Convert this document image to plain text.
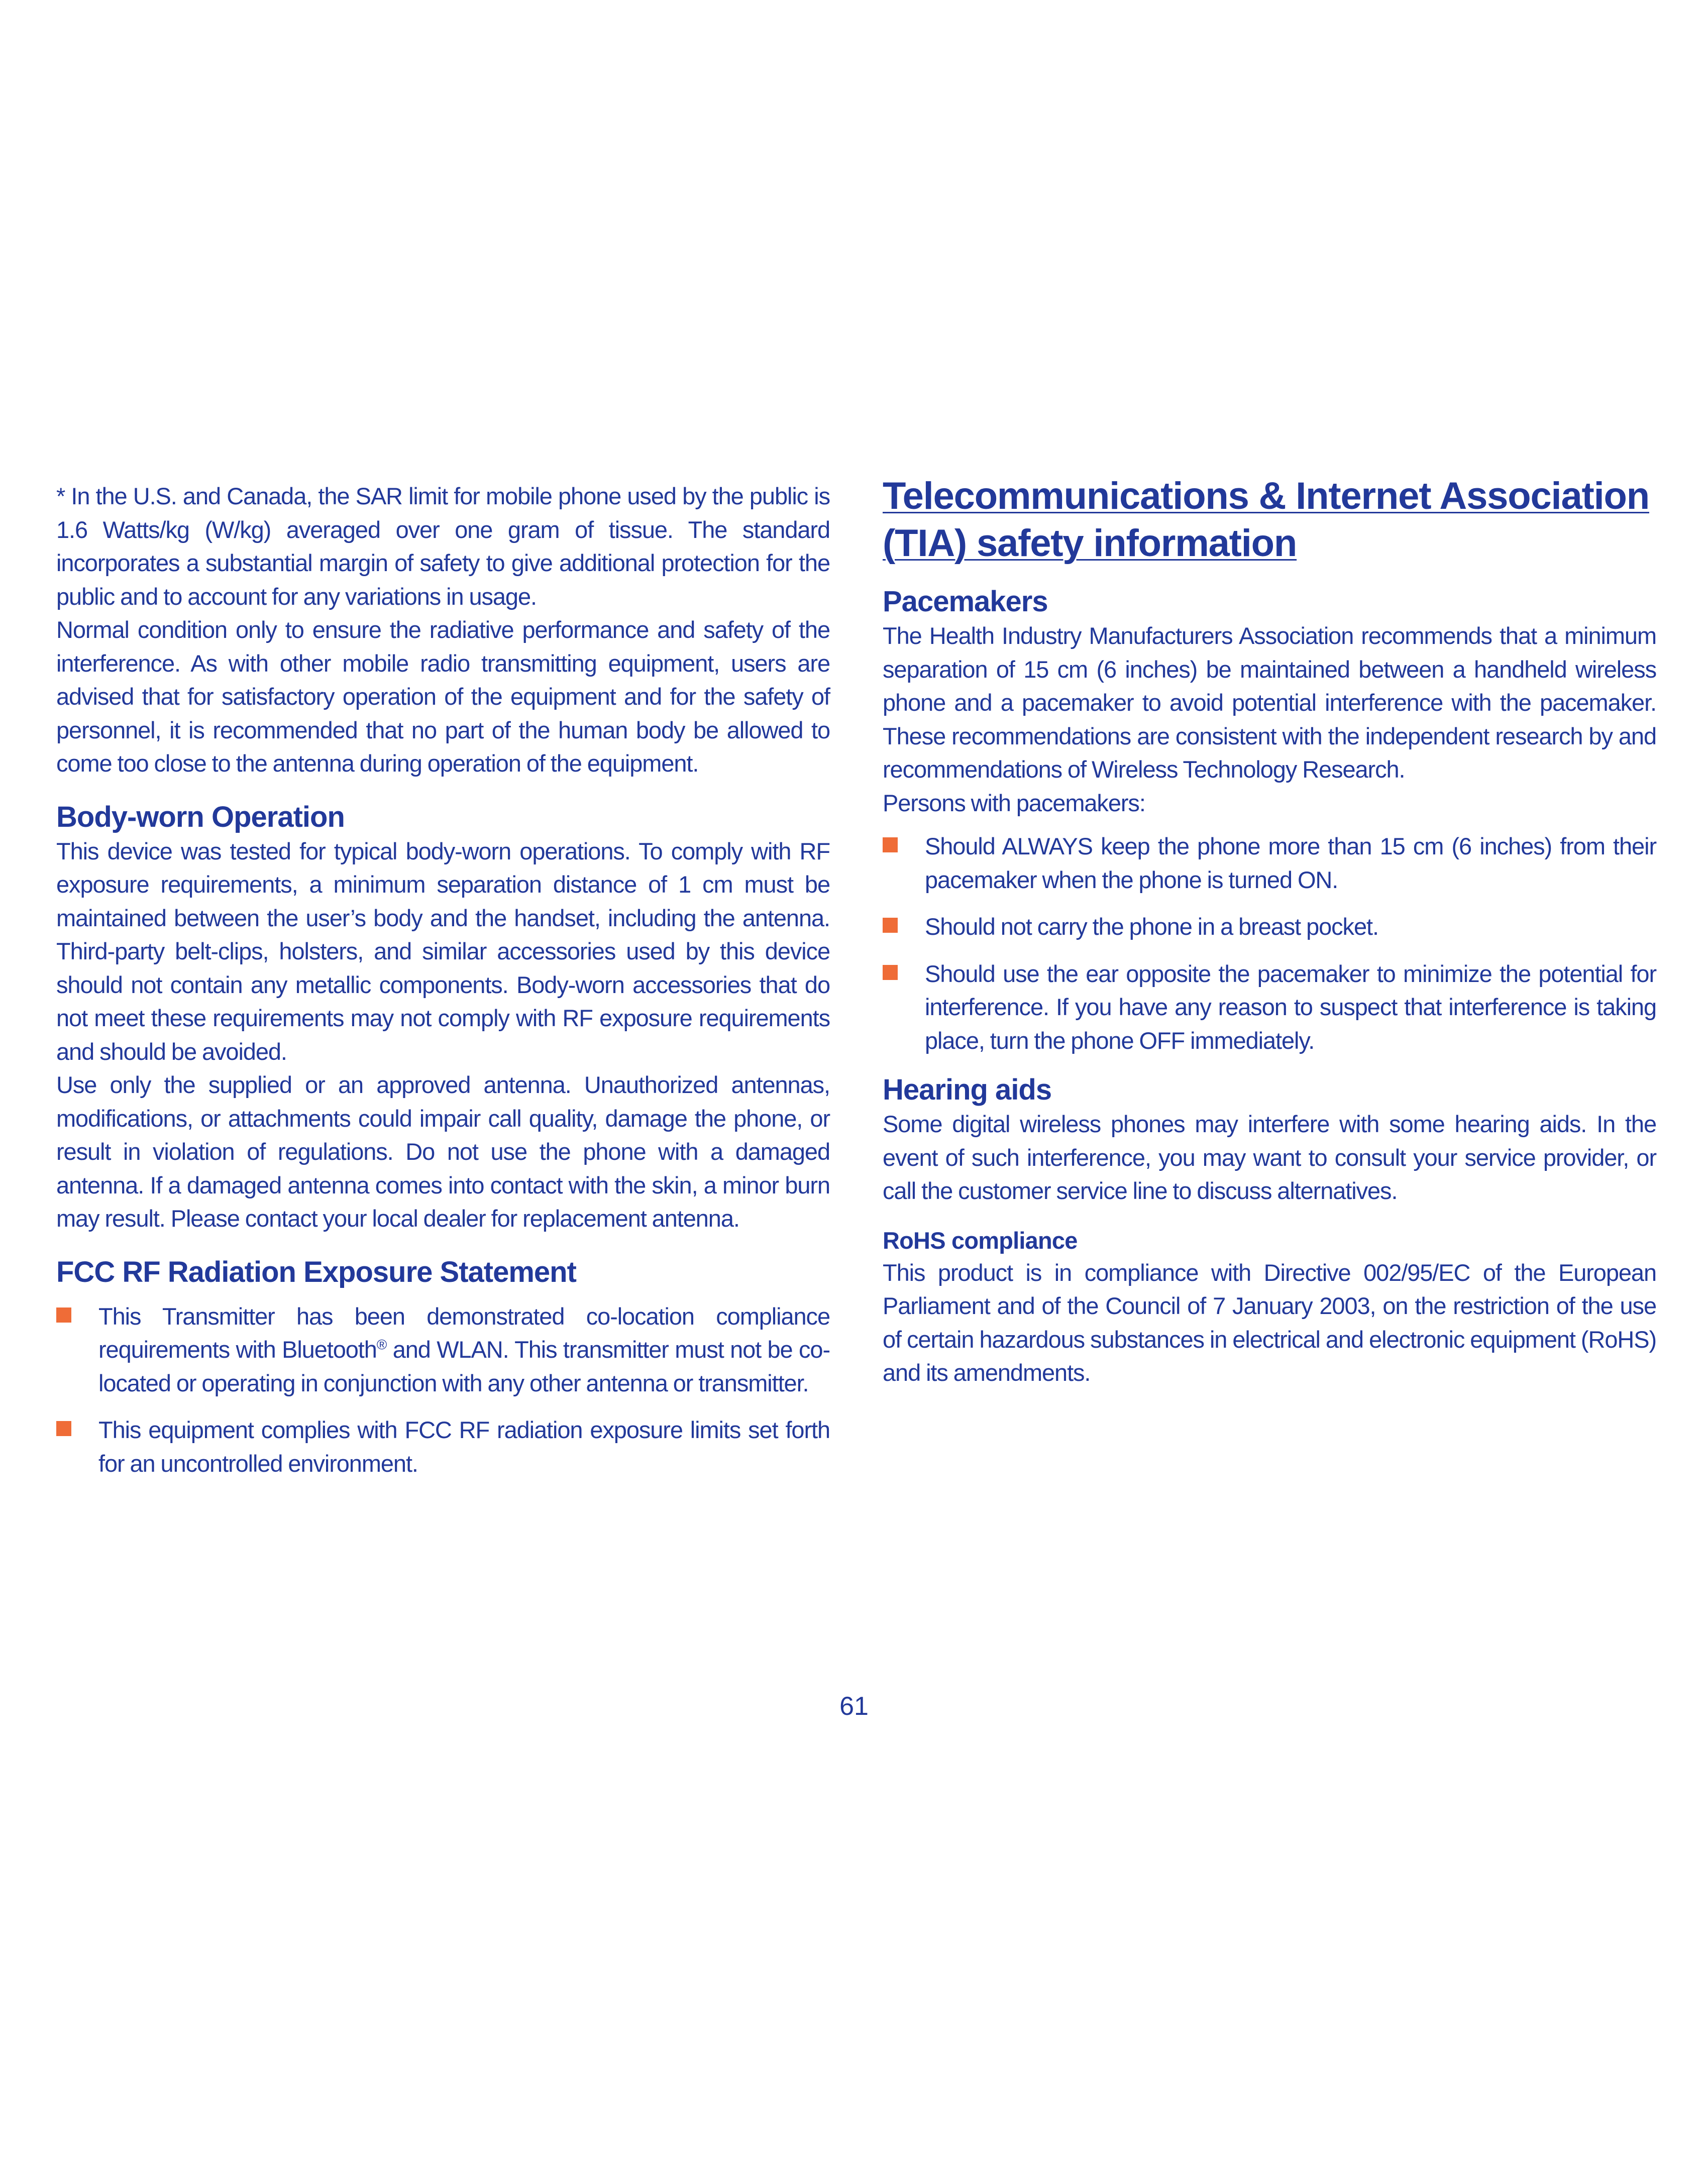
* In the U.S. and Canada, the SAR limit for mobile phone used by the public is 1.6 Watts/kg (W/kg) averaged over one gram of tissue. The standard incorporates a substantial margin of safety to give additional protection for the public and to account for any variations in usage.

Normal condition only to ensure the radiative performance and safety of the interference. As with other mobile radio transmitting equipment, users are advised that for satisfactory operation of the equipment and for the safety of personnel, it is recommended that no part of the human body be allowed to come too close to the antenna during operation of the equipment.

Body-worn Operation

This device was tested for typical body-worn operations. To comply with RF exposure requirements, a minimum separation distance of 1 cm must be maintained between the user’s body and the handset, including the antenna. Third-party belt-clips, holsters, and similar accessories used by this device should not contain any metallic components. Body-worn accessories that do not meet these requirements may not comply with RF exposure requirements and should be avoided.

Use only the supplied or an approved antenna. Unauthorized antennas, modifications, or attachments could impair call quality, damage the phone, or result in violation of regulations. Do not use the phone with a damaged antenna. If a damaged antenna comes into contact with the skin, a minor burn may result. Please contact your local dealer for replacement antenna.

FCC RF Radiation Exposure Statement

This Transmitter has been demonstrated co-location compliance requirements with Bluetooth® and WLAN. This transmitter must not be co-located or operating in conjunction with any other antenna or transmitter.

This equipment complies with FCC RF radiation exposure limits set forth for an uncontrolled environment.

Telecommunications & Internet Association
(TIA) safety information
Pacemakers

The Health Industry Manufacturers Association recommends that a minimum separation of 15 cm (6 inches) be maintained between a handheld wireless phone and a pacemaker to avoid potential interference with the pacemaker. These recommendations are consistent with the independent research by and recommendations of Wireless Technology Research.

Persons with pacemakers:

Should ALWAYS keep the phone more than 15 cm (6 inches) from their pacemaker when the phone is turned ON.

Should not carry the phone in a breast pocket.

Should use the ear opposite the pacemaker to minimize the potential for interference. If you have any reason to suspect that interference is taking place, turn the phone OFF immediately.

Hearing aids

Some digital wireless phones may interfere with some hearing aids. In the event of such interference, you may want to consult your service provider, or call the customer service line to discuss alternatives.

RoHS compliance

This product is in compliance with Directive 002/95/EC of the European Parliament and of the Council of 7 January 2003, on the restriction of the use of certain hazardous substances in electrical and electronic equipment (RoHS) and its amendments.

61
